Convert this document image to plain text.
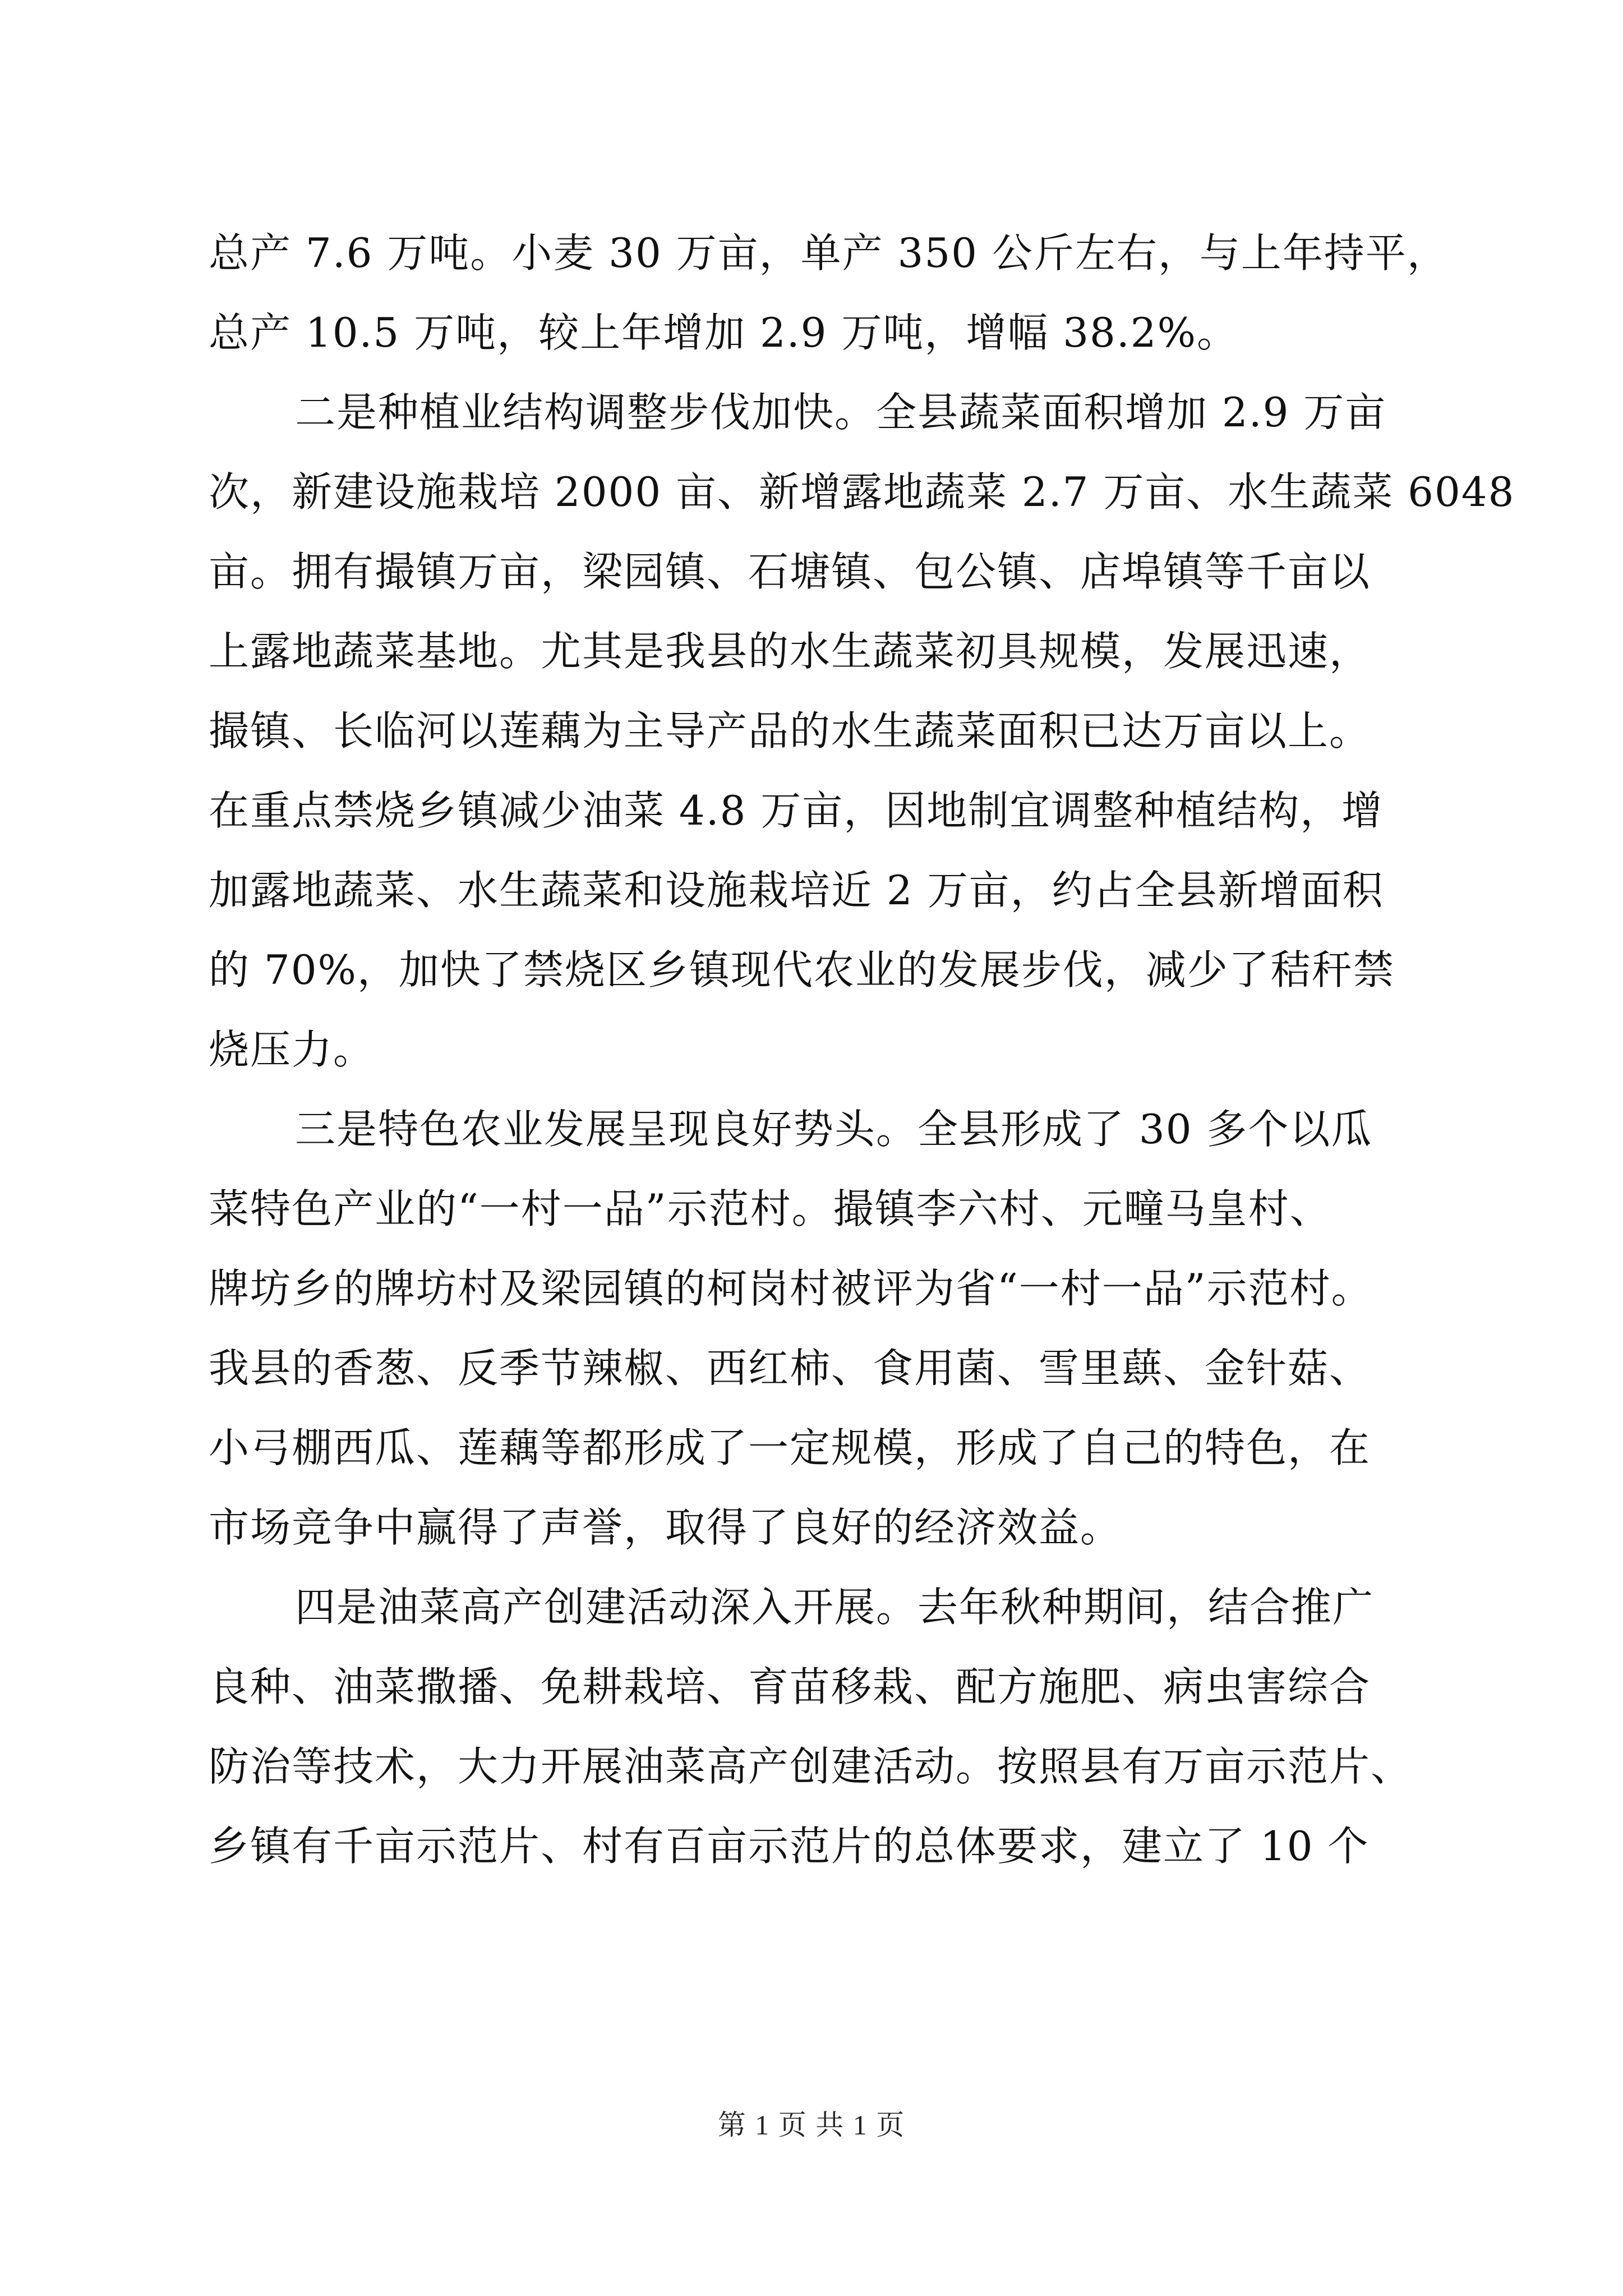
总产 7.6 万吨。小麦 30 万亩，单产 350 公斤左右，与上年持平，
总产 10.5 万吨，较上年增加 2.9 万吨，增幅 38.2%。

二是种植业结构调整步伐加快。全县蔬菜面积增加 2.9 万亩
次，新建设施栽培 2000 亩、新增露地蔬菜 2.7 万亩、水生蔬菜 6048
亩。拥有撮镇万亩，梁园镇、石塘镇、包公镇、店埠镇等千亩以
上露地蔬菜基地。尤其是我县的水生蔬菜初具规模，发展迅速，
撮镇、长临河以莲藕为主导产品的水生蔬菜面积已达万亩以上。
在重点禁烧乡镇减少油菜 4.8 万亩，因地制宜调整种植结构，增
加露地蔬菜、水生蔬菜和设施栽培近 2 万亩，约占全县新增面积
的 70%，加快了禁烧区乡镇现代农业的发展步伐，减少了秸秆禁
烧压力。

三是特色农业发展呈现良好势头。全县形成了 30 多个以瓜
菜特色产业的“一村一品”示范村。撮镇李六村、元疃马皇村、
牌坊乡的牌坊村及梁园镇的柯岗村被评为省“一村一品”示范村。
我县的香葱、反季节辣椒、西红柿、食用菌、雪里蕻、金针菇、
小弓棚西瓜、莲藕等都形成了一定规模，形成了自己的特色，在
市场竞争中赢得了声誉，取得了良好的经济效益。

四是油菜高产创建活动深入开展。去年秋种期间，结合推广
良种、油菜撒播、免耕栽培、育苗移栽、配方施肥、病虫害综合
防治等技术，大力开展油菜高产创建活动。按照县有万亩示范片、
乡镇有千亩示范片、村有百亩示范片的总体要求，建立了 10 个

第 1 页 共 1 页
